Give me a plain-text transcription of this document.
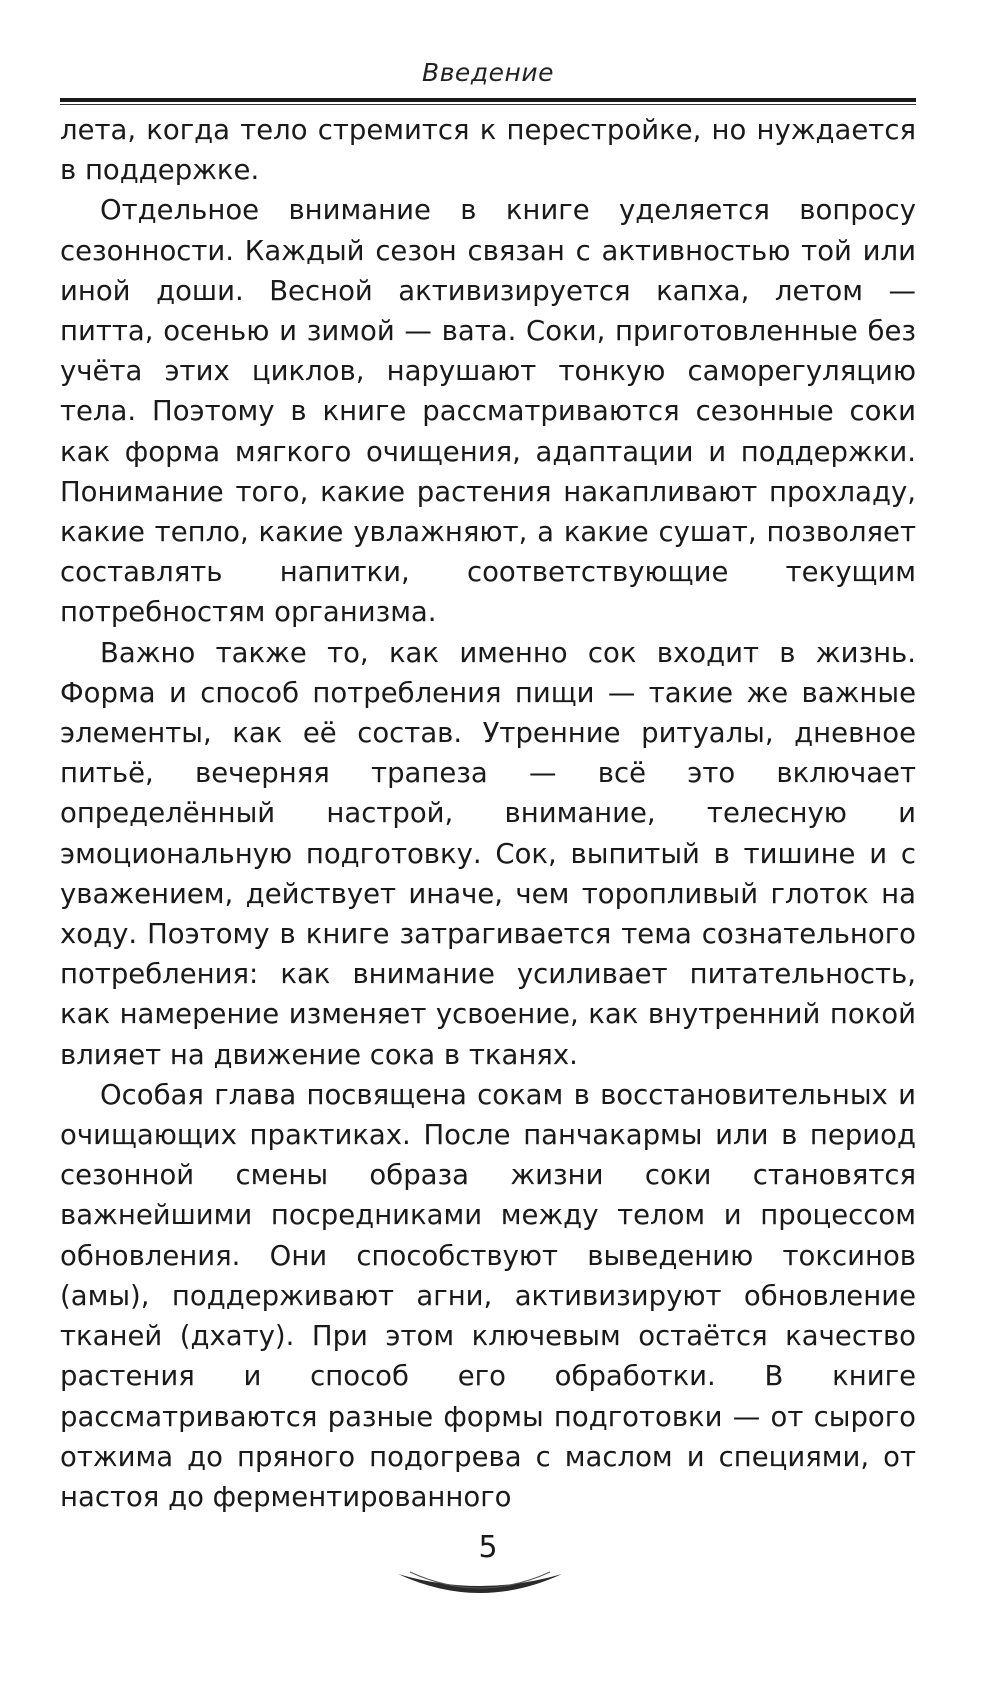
Введение

лета, когда тело стремится к перестройке, но нуждается в поддержке.

Отдельное внимание в книге уделяется вопросу сезонности. Каждый сезон связан с активностью той или иной доши. Весной активизируется капха, летом — питта, осенью и зимой — вата. Соки, приготовленные без учёта этих циклов, нарушают тонкую саморегуляцию тела. Поэтому в книге рассматриваются сезонные соки как форма мягкого очищения, адаптации и поддержки. Понимание того, какие растения накапливают прохладу, какие тепло, какие увлажняют, а какие сушат, позволяет составлять напитки, соответствующие текущим потребностям организма.

Важно также то, как именно сок входит в жизнь. Форма и способ потребления пищи — такие же важные элементы, как её состав. Утренние ритуалы, дневное питьё, вечерняя трапеза — всё это включает определённый настрой, внимание, телесную и эмоциональную подготовку. Сок, выпитый в тишине и с уважением, действует иначе, чем торопливый глоток на ходу. Поэтому в книге затрагивается тема сознательного потребления: как внимание усиливает питательность, как намерение изменяет усвоение, как внутренний покой влияет на движение сока в тканях.

Особая глава посвящена сокам в восстановительных и очищающих практиках. После панчакармы или в период сезонной смены образа жизни соки становятся важнейшими посредниками между телом и процессом обновления. Они способствуют выведению токсинов (амы), поддерживают агни, активизируют обновление тканей (дхату). При этом ключевым остаётся качество растения и способ его обработки. В книге рассматриваются разные формы подготовки — от сырого отжима до пряного подогрева с маслом и специями, от настоя до ферментированного

5
